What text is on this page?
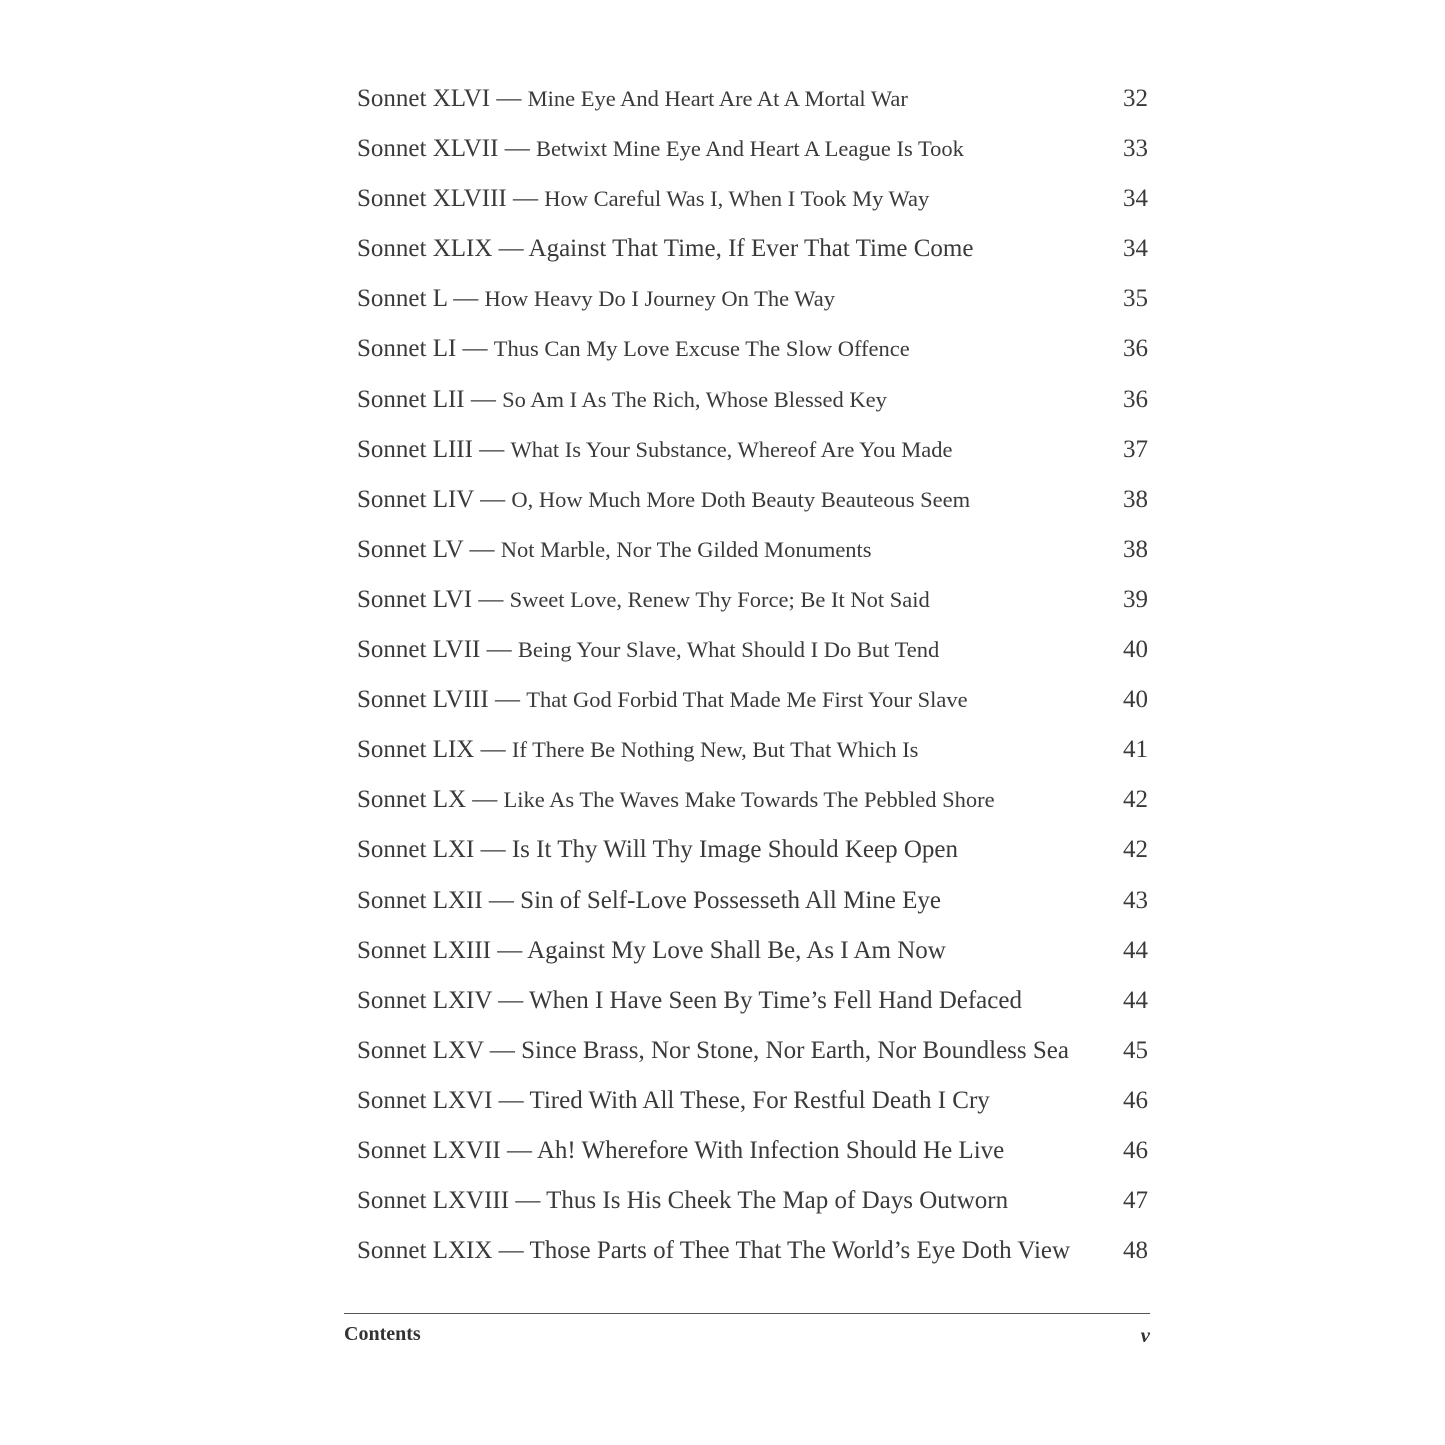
Sonnet XLVI — Mine Eye And Heart Are At A Mortal War	32
Sonnet XLVII — Betwixt Mine Eye And Heart A League Is Took	33
Sonnet XLVIII — How Careful Was I, When I Took My Way	34
Sonnet XLIX — Against That Time, If Ever That Time Come	34
Sonnet L — How Heavy Do I Journey On The Way	35
Sonnet LI — Thus Can My Love Excuse The Slow Offence	36
Sonnet LII — So Am I As The Rich, Whose Blessed Key	36
Sonnet LIII — What Is Your Substance, Whereof Are You Made	37
Sonnet LIV — O, How Much More Doth Beauty Beauteous Seem	38
Sonnet LV — Not Marble, Nor The Gilded Monuments	38
Sonnet LVI — Sweet Love, Renew Thy Force; Be It Not Said	39
Sonnet LVII — Being Your Slave, What Should I Do But Tend	40
Sonnet LVIII — That God Forbid That Made Me First Your Slave	40
Sonnet LIX — If There Be Nothing New, But That Which Is	41
Sonnet LX — Like As The Waves Make Towards The Pebbled Shore	42
Sonnet LXI — Is It Thy Will Thy Image Should Keep Open	42
Sonnet LXII — Sin of Self-Love Possesseth All Mine Eye	43
Sonnet LXIII — Against My Love Shall Be, As I Am Now	44
Sonnet LXIV — When I Have Seen By Time’s Fell Hand Defaced	44
Sonnet LXV — Since Brass, Nor Stone, Nor Earth, Nor Boundless Sea 45
Sonnet LXVI — Tired With All These, For Restful Death I Cry	46
Sonnet LXVII — Ah! Wherefore With Infection Should He Live	46
Sonnet LXVIII — Thus Is His Cheek The Map of Days Outworn	47
Sonnet LXIX — Those Parts of Thee That The World’s Eye Doth View 48
Contents	v
